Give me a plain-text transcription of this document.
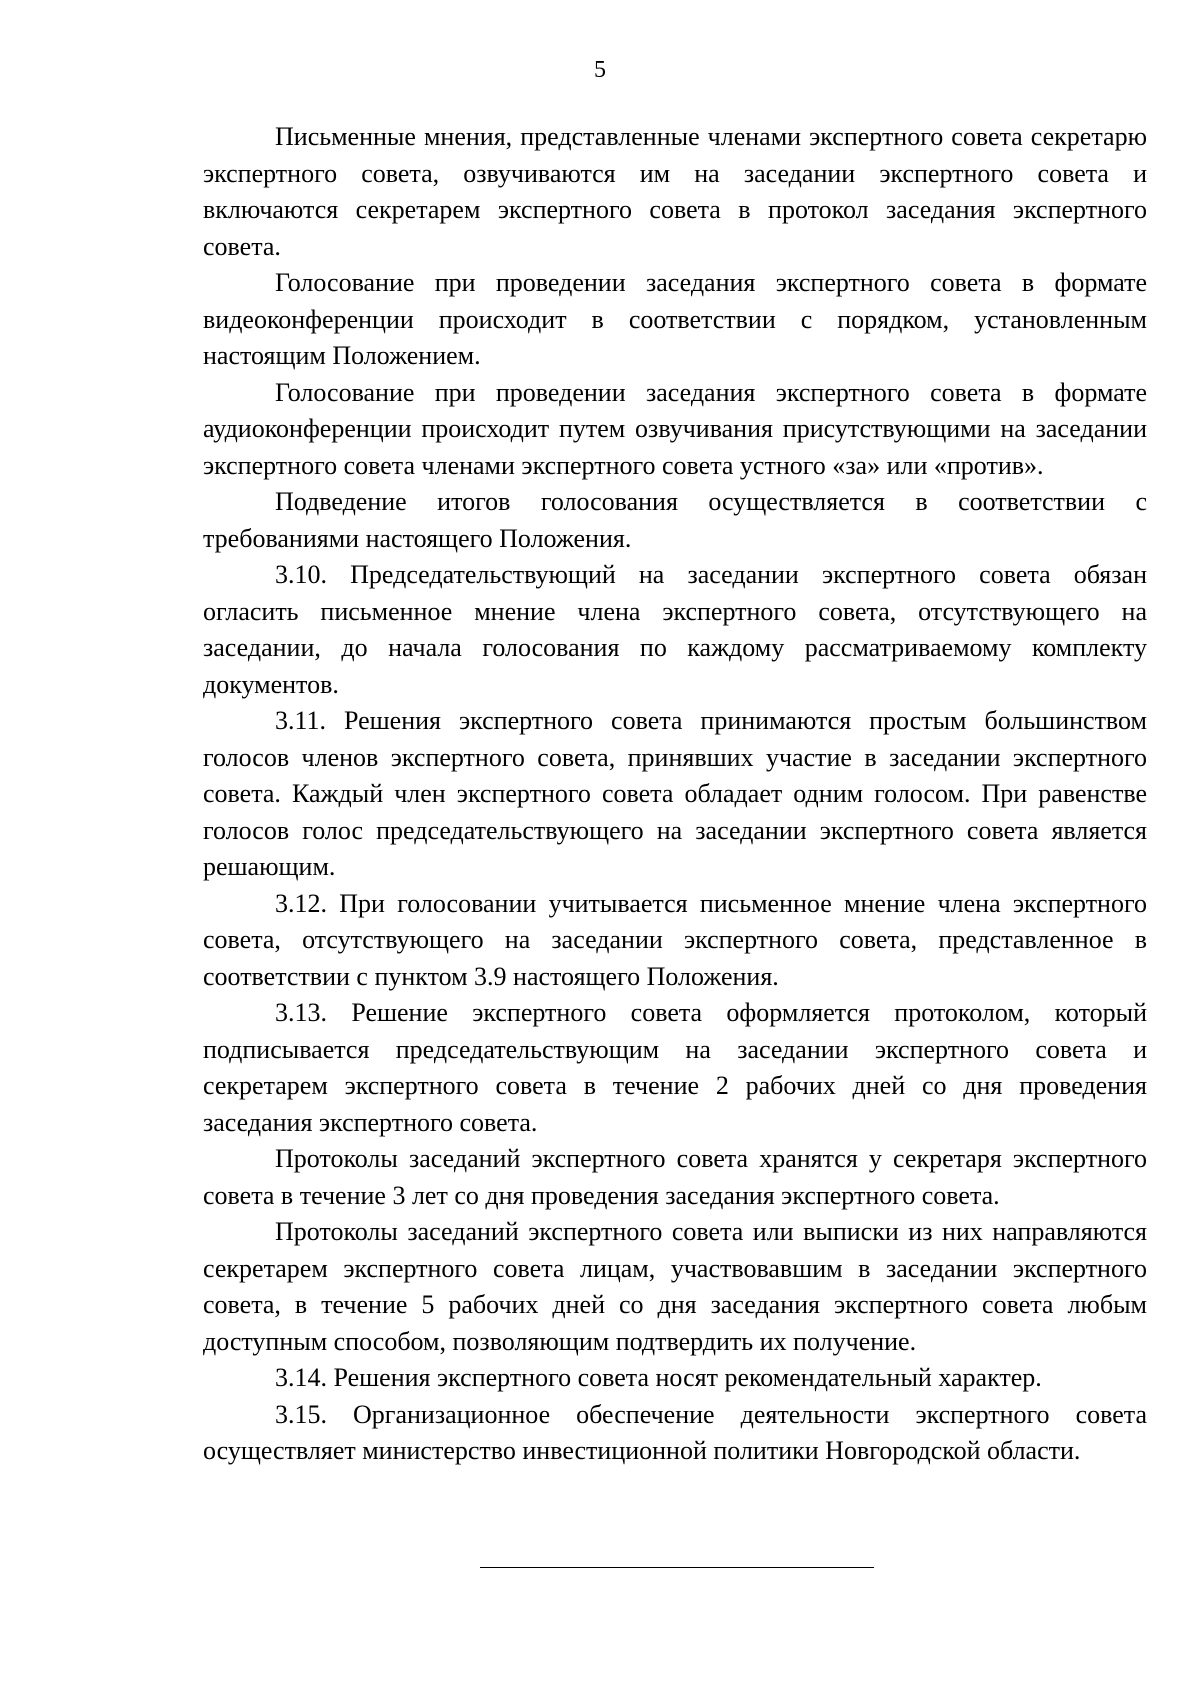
5

Письменные мнения, представленные членами экспертного совета секретарю экспертного совета, озвучиваются им на заседании экспертного совета и включаются секретарем экспертного совета в протокол заседания экспертного совета.

Голосование при проведении заседания экспертного совета в формате видеоконференции происходит в соответствии с порядком, установленным настоящим Положением.

Голосование при проведении заседания экспертного совета в формате аудиоконференции происходит путем озвучивания присутствующими на заседании экспертного совета членами экспертного совета устного «за» или «против».

Подведение итогов голосования осуществляется в соответствии с требованиями настоящего Положения.

3.10. Председательствующий на заседании экспертного совета обязан огласить письменное мнение члена экспертного совета, отсутствующего на заседании, до начала голосования по каждому рассматриваемому комплекту документов.

3.11. Решения экспертного совета принимаются простым большинством голосов членов экспертного совета, принявших участие в заседании экспертного совета. Каждый член экспертного совета обладает одним голосом. При равенстве голосов голос председательствующего на заседании экспертного совета является решающим.

3.12. При голосовании учитывается письменное мнение члена экспертного совета, отсутствующего на заседании экспертного совета, представленное в соответствии с пунктом 3.9 настоящего Положения.

3.13. Решение экспертного совета оформляется протоколом, который подписывается председательствующим на заседании экспертного совета и секретарем экспертного совета в течение 2 рабочих дней со дня проведения заседания экспертного совета.

Протоколы заседаний экспертного совета хранятся у секретаря экспертного совета в течение 3 лет со дня проведения заседания экспертного совета.

Протоколы заседаний экспертного совета или выписки из них направляются секретарем экспертного совета лицам, участвовавшим в заседании экспертного совета, в течение 5 рабочих дней со дня заседания экспертного совета любым доступным способом, позволяющим подтвердить их получение.

3.14. Решения экспертного совета носят рекомендательный характер.

3.15. Организационное обеспечение деятельности экспертного совета осуществляет министерство инвестиционной политики Новгородской области.
